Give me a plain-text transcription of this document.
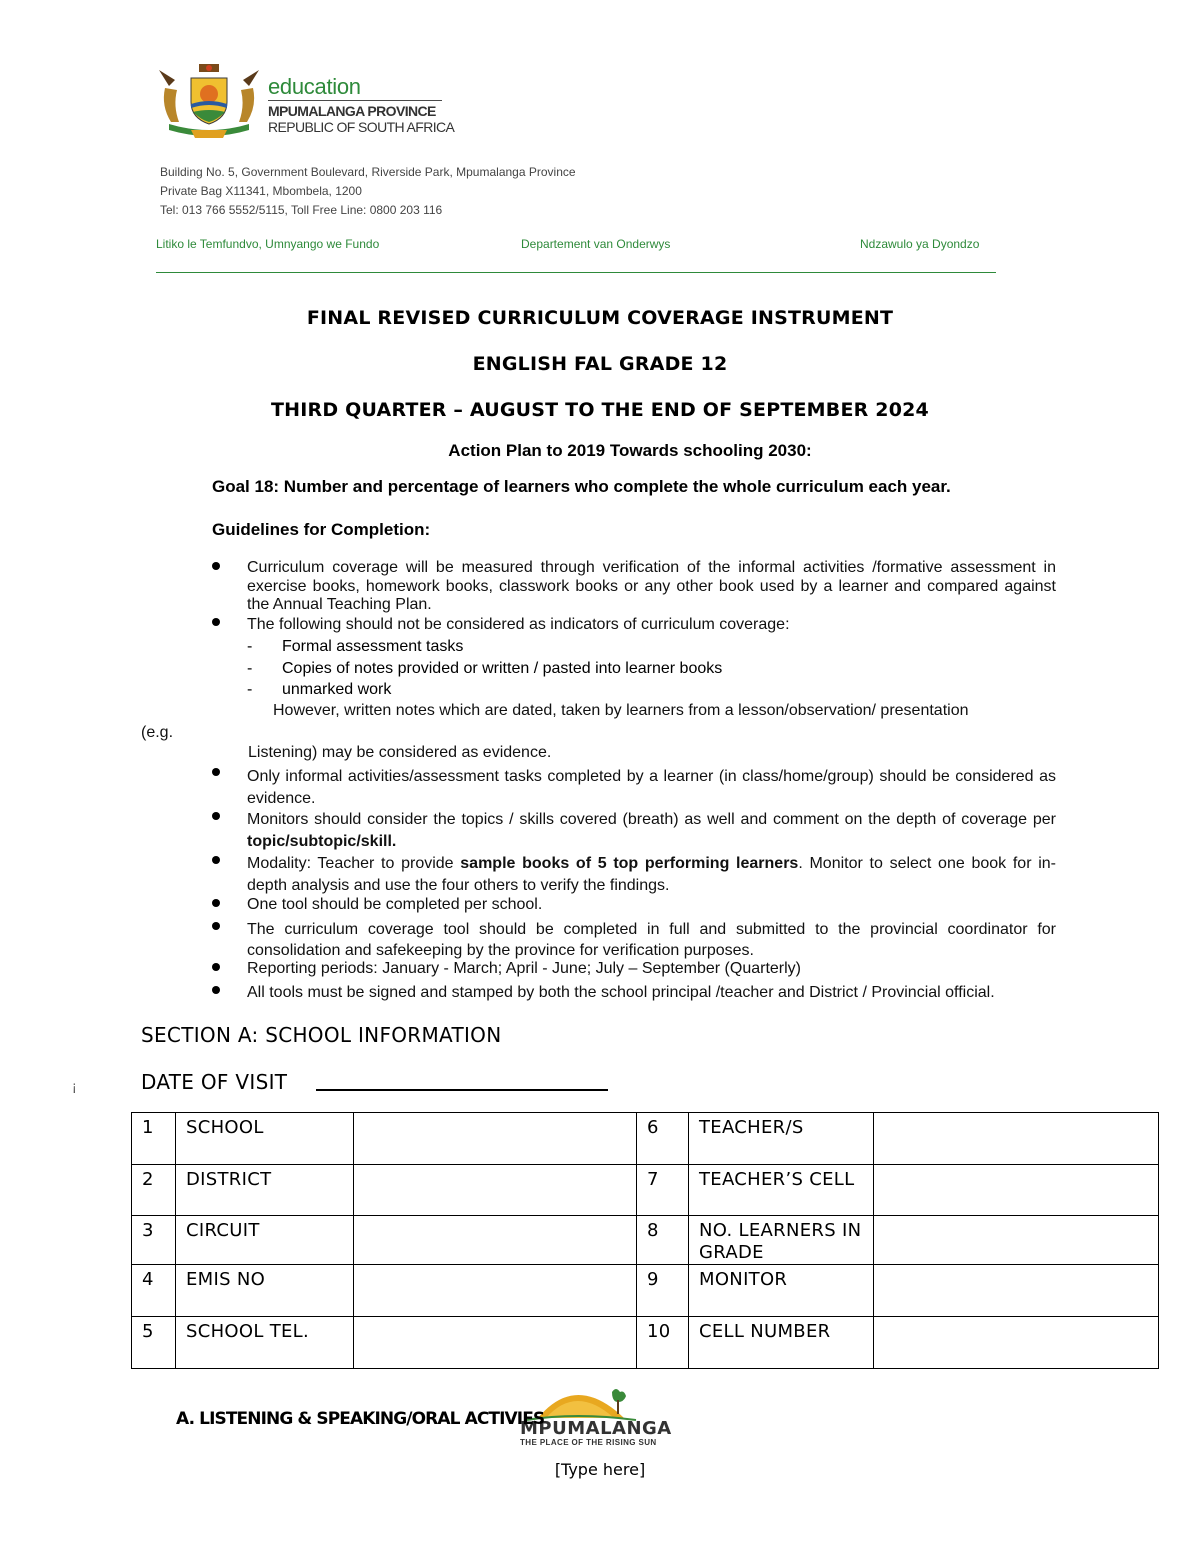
education
MPUMALANGA PROVINCE
REPUBLIC OF SOUTH AFRICA
Building No. 5, Government Boulevard, Riverside Park, Mpumalanga Province
Private Bag X11341, Mbombela, 1200
Tel: 013 766 5552/5115, Toll Free Line: 0800 203 116
Litiko le Temfundvo, Umnyango we Fundo	Departement van Onderwys	Ndzawulo ya Dyondzo
FINAL REVISED CURRICULUM COVERAGE INSTRUMENT
ENGLISH FAL GRADE 12
THIRD QUARTER – AUGUST TO THE END OF SEPTEMBER 2024
Action Plan to 2019 Towards schooling 2030:
Goal 18: Number and percentage of learners who complete the whole curriculum each year.
Guidelines for Completion:
Curriculum coverage will be measured through verification of the informal activities /formative assessment in exercise books, homework books, classwork books or any other book used by a learner and compared against the Annual Teaching Plan.
The following should not be considered as indicators of curriculum coverage:
- Formal assessment tasks
- Copies of notes provided or written / pasted into learner books
- unmarked work
However, written notes which are dated, taken by learners from a lesson/observation/ presentation
(e.g.
Listening) may be considered as evidence.
Only informal activities/assessment tasks completed by a learner (in class/home/group) should be considered as evidence.
Monitors should consider the topics / skills covered (breath) as well and comment on the depth of coverage per topic/subtopic/skill.
Modality: Teacher to provide sample books of 5 top performing learners. Monitor to select one book for in-depth analysis and use the four others to verify the findings.
One tool should be completed per school.
The curriculum coverage tool should be completed in full and submitted to the provincial coordinator for consolidation and safekeeping by the province for verification purposes.
Reporting periods: January - March; April - June; July – September (Quarterly)
All tools must be signed and stamped by both the school principal /teacher and District / Provincial official.
SECTION A: SCHOOL INFORMATION
¡	DATE OF VISIT
1	SCHOOL		6	TEACHER/S	
2	DISTRICT		7	TEACHER’S CELL	
3	CIRCUIT		8	NO. LEARNERS IN GRADE	
4	EMIS NO		9	MONITOR	
5	SCHOOL TEL.		10	CELL NUMBER	
MPUMALANGA
THE PLACE OF THE RISING SUN
A. LISTENING & SPEAKING/ORAL ACTIVIES
[Type here]
